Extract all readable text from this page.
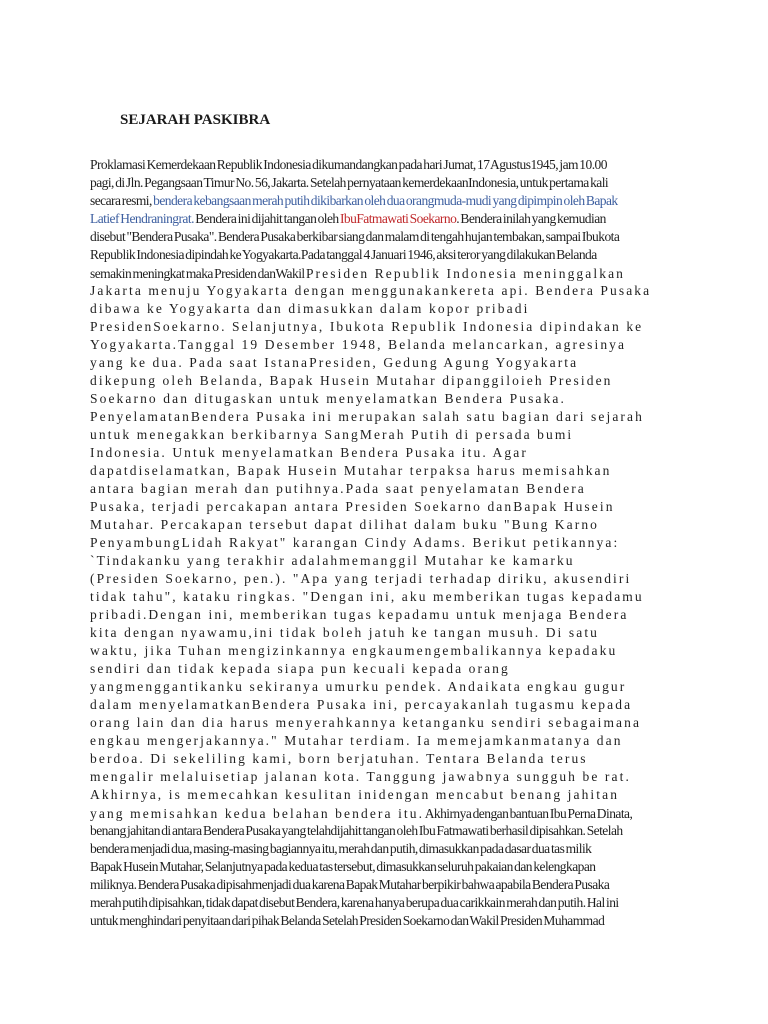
SEJARAH PASKIBRA
Proklamasi Kemerdekaan Republik Indonesia dikumandangkan pada hari Jumat, 17 Agustus1945, jam 10.00
pagi, di Jln. Pegangsaan Timur No. 56, Jakarta. Setelah pernyataan kemerdekaanIndonesia, untuk pertama kali
secara resmi, bendera kebangsaan merah putih dikibarkan oleh dua orangmuda-mudi yang dipimpin oleh Bapak
Latief Hendraningrat. Bendera ini dijahit tangan oleh IbuFatmawati Soekarno. Bendera inilah yang kemudian
disebut "Bendera Pusaka". Bendera Pusaka berkibar siang dan malam di tengah hujan tembakan, sampai Ibukota
Republik Indonesia dipindah ke Yogyakarta.Pada tanggal 4 Januari 1946, aksi teror yang dilakukan Belanda
semakin meningkat maka Presiden danWakil Presiden Republik Indonesia meninggalkan
Jakarta menuju Yogyakarta dengan menggunakankereta api. Bendera Pusaka
dibawa ke Yogyakarta dan dimasukkan dalam kopor pribadi
PresidenSoekarno. Selanjutnya, Ibukota Republik Indonesia dipindakan ke
Yogyakarta.Tanggal 19 Desember 1948, Belanda melancarkan, agresinya
yang ke dua. Pada saat IstanaPresiden, Gedung Agung Yogyakarta
dikepung oleh Belanda, Bapak Husein Mutahar dipanggiloieh Presiden
Soekarno dan ditugaskan untuk menyelamatkan Bendera Pusaka.
PenyelamatanBendera Pusaka ini merupakan salah satu bagian dari sejarah
untuk menegakkan berkibarnya SangMerah Putih di persada bumi
Indonesia. Untuk menyelamatkan Bendera Pusaka itu. Agar
dapatdiselamatkan, Bapak Husein Mutahar terpaksa harus memisahkan
antara bagian merah dan putihnya.Pada saat penyelamatan Bendera
Pusaka, terjadi percakapan antara Presiden Soekarno danBapak Husein
Mutahar. Percakapan tersebut dapat dilihat dalam buku "Bung Karno
PenyambungLidah Rakyat" karangan Cindy Adams. Berikut petikannya:
`Tindakanku yang terakhir adalahmemanggil Mutahar ke kamarku
(Presiden Soekarno, pen.). "Apa yang terjadi terhadap diriku, akusendiri
tidak tahu", kataku ringkas. "Dengan ini, aku memberikan tugas kepadamu
pribadi.Dengan ini, memberikan tugas kepadamu untuk menjaga Bendera
kita dengan nyawamu,ini tidak boleh jatuh ke tangan musuh. Di satu
waktu, jika Tuhan mengizinkannya engkaumengembalikannya kepadaku
sendiri dan tidak kepada siapa pun kecuali kepada orang
yangmenggantikanku sekiranya umurku pendek. Andaikata engkau gugur
dalam menyelamatkanBendera Pusaka ini, percayakanlah tugasmu kepada
orang lain dan dia harus menyerahkannya ketanganku sendiri sebagaimana
engkau mengerjakannya." Mutahar terdiam. Ia memejamkanmatanya dan
berdoa. Di sekeliling kami, born berjatuhan. Tentara Belanda terus
mengalir melaluisetiap jalanan kota. Tanggung jawabnya sungguh be rat.
Akhirnya, is memecahkan kesulitan inidengan mencabut benang jahitan
yang memisahkan kedua belahan bendera itu. Akhirnya dengan bantuan Ibu Perna Dinata,
benang jahitan di antara Bendera Pusaka yang telahdijahit tangan oleh Ibu Fatmawati berhasil dipisahkan. Setelah
bendera menjadi dua, masing-masing bagiannya itu, merah dan putih, dimasukkan pada dasar dua tas milik
Bapak Husein Mutahar, Selanjutnya pada kedua tas tersebut, dimasukkan seluruh pakaian dan kelengkapan
miliknya. Bendera Pusaka dipisahmenjadi dua karena Bapak Mutahar berpikir bahwa apabila Bendera Pusaka
merah putih dipisahkan, tidak dapat disebut Bendera, karena hanya berupa dua carikkain merah dan putih. Hal ini
untuk menghindari penyitaan dari pihak Belanda Setelah Presiden Soekarno dan Wakil Presiden Muhammad
